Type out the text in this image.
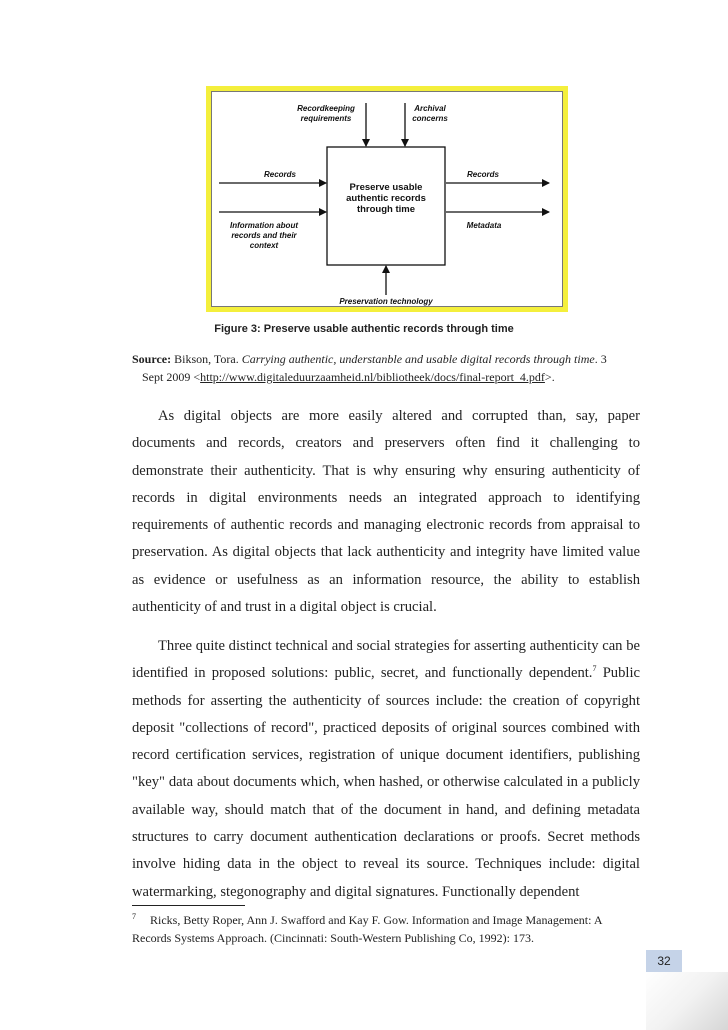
Preserve usable
authentic records
through time
Recordkeeping
requirements
Archival
concerns
Records
Information about
records and their
context
Records
Metadata
Preservation technology
Figure 3: Preserve usable authentic records through time
Source: Bikson, Tora. Carrying authentic, understanble and usable digital records through time. 3
Sept 2009 <http://www.digitaleduurzaamheid.nl/bibliotheek/docs/final-report_4.pdf>.
As digital objects are more easily altered and corrupted than, say, paper documents and records, creators and preservers often find it challenging to demonstrate their authenticity. That is why ensuring why ensuring authenticity of records in digital environments needs an integrated approach to identifying requirements of authentic records and managing electronic records from appraisal to preservation. As digital objects that lack authenticity and integrity have limited value as evidence or usefulness as an information resource, the ability to establish authenticity of and trust in a digital object is crucial.
Three quite distinct technical and social strategies for asserting authenticity can be identified in proposed solutions: public, secret, and functionally dependent.$^7$ Public methods for asserting the authenticity of sources include: the creation of copyright deposit "collections of record", practiced deposits of original sources combined with record certification services, registration of unique document identifiers, publishing "key" data about documents which, when hashed, or otherwise calculated in a publicly available way, should match that of the document in hand, and defining metadata structures to carry document authentication declarations or proofs. Secret methods involve hiding data in the object to reveal its source. Techniques include: digital watermarking, stegonography and digital signatures. Functionally dependent
$^7$ Ricks, Betty Roper, Ann J. Swafford and Kay F. Gow. Information and Image Management: A Records Systems Approach. (Cincinnati: South-Western Publishing Co, 1992): 173.
32
